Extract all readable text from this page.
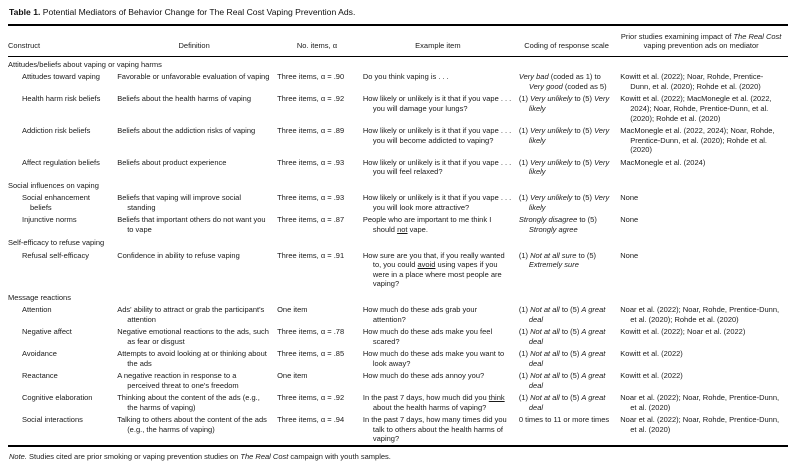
Table 1. Potential Mediators of Behavior Change for The Real Cost Vaping Prevention Ads.
Construct	Definition	No. items, α	Example item	Coding of response scale	Prior studies examining impact of The Real Cost vaping prevention ads on mediator
Attitudes/beliefs about vaping or vaping harms					
Attitudes toward vaping	Favorable or unfavorable evaluation of vaping	Three items, α = .90	Do you think vaping is . . .	Very bad (coded as 1) to Very good (coded as 5)	Kowitt et al. (2022); Noar, Rohde, Prentice-Dunn, et al. (2020); Rohde et al. (2020)
Health harm risk beliefs	Beliefs about the health harms of vaping	Three items, α = .92	How likely or unlikely is it that if you vape . . . you will damage your lungs?	(1) Very unlikely to (5) Very likely	Kowitt et al. (2022); MacMonegle et al. (2022, 2024); Noar, Rohde, Prentice-Dunn, et al. (2020); Rohde et al. (2020)
Addiction risk beliefs	Beliefs about the addiction risks of vaping	Three items, α = .89	How likely or unlikely is it that if you vape . . . you will become addicted to vaping?	(1) Very unlikely to (5) Very likely	MacMonegle et al. (2022, 2024); Noar, Rohde, Prentice-Dunn, et al. (2020); Rohde et al. (2020)
Affect regulation beliefs	Beliefs about product experience	Three items, α = .93	How likely or unlikely is it that if you vape . . . you will feel relaxed?	(1) Very unlikely to (5) Very likely	MacMonegle et al. (2024)
Social influences on vaping					
Social enhancement beliefs	Beliefs that vaping will improve social standing	Three items, α = .93	How likely or unlikely is it that if you vape . . . you will look more attractive?	(1) Very unlikely to (5) Very likely	None
Injunctive norms	Beliefs that important others do not want you to vape	Three items, α = .87	People who are important to me think I should not vape.	Strongly disagree to (5) Strongly agree	None
Self-efficacy to refuse vaping					
Refusal self-efficacy	Confidence in ability to refuse vaping	Three items, α = .91	How sure are you that, if you really wanted to, you could avoid using vapes if you were in a place where most people are vaping?	(1) Not at all sure to (5) Extremely sure	None
Message reactions					
Attention	Ads' ability to attract or grab the participant's attention	One item	How much do these ads grab your attention?	(1) Not at all to (5) A great deal	Noar et al. (2022); Noar, Rohde, Prentice-Dunn, et al. (2020); Rohde et al. (2020)
Negative affect	Negative emotional reactions to the ads, such as fear or disgust	Three items, α = .78	How much do these ads make you feel scared?	(1) Not at all to (5) A great deal	Kowitt et al. (2022); Noar et al. (2022)
Avoidance	Attempts to avoid looking at or thinking about the ads	Three items, α = .85	How much do these ads make you want to look away?	(1) Not at all to (5) A great deal	Kowitt et al. (2022)
Reactance	A negative reaction in response to a perceived threat to one's freedom	One item	How much do these ads annoy you?	(1) Not at all to (5) A great deal	Kowitt et al. (2022)
Cognitive elaboration	Thinking about the content of the ads (e.g., the harms of vaping)	Three items, α = .92	In the past 7 days, how much did you think about the health harms of vaping?	(1) Not at all to (5) A great deal	Noar et al. (2022); Noar, Rohde, Prentice-Dunn, et al. (2020)
Social interactions	Talking to others about the content of the ads (e.g., the harms of vaping)	Three items, α = .94	In the past 7 days, how many times did you talk to others about the health harms of vaping?	0 times to 11 or more times	Noar et al. (2022); Noar, Rohde, Prentice-Dunn, et al. (2020)
Note. Studies cited are prior smoking or vaping prevention studies on The Real Cost campaign with youth samples.
